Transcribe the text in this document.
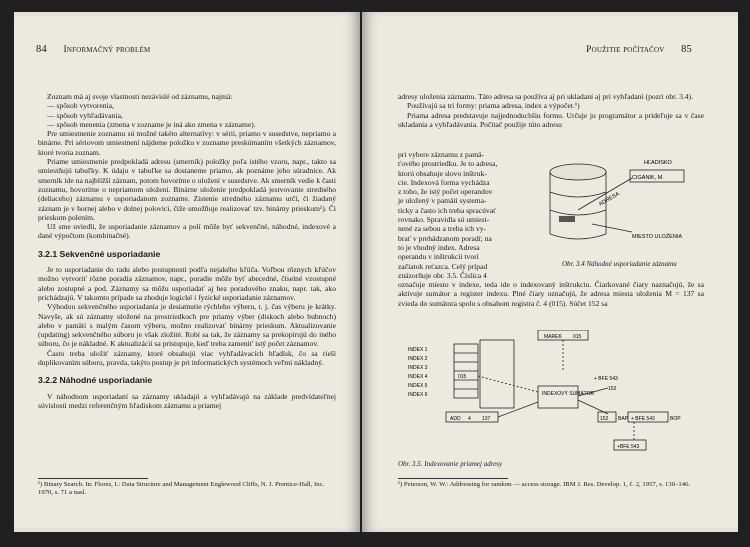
84 Informačný problém

Zoznam má aj svoje vlastnosti nezávislé od záznamu, najmä:

— spôsob vytvorenia,

— spôsob vyhľadávania,

— spôsob menenia (zmena v zozname je iná ako zmena v zázname).

Pre umiestnenie zoznamu sú možné takéto alternatívy: v sérii, priamo v susedstve, nepriamo a binárne. Pri sériovom umiestnení nájdeme položku v zozname preskúmaním všetkých záznamov, ktoré tvoria zoznam.

Priame umiestnenie predpokladá adresu (smerník) položky poľa istého vzoru, napr., takto sa umiestňujú tabuľky. K údaju v tabuľke sa dostaneme priamo, ak poznáme jeho súradnice. Ak smerník ide na najbližší záznam, potom hovoríme o uložení v susedstve. Ak smerník vedie k časti zoznamu, hovoríme o nepriamom uložení. Binárne uloženie predpokladá jestvovanie stredného (deliaceho) záznamu v usporiadanom zozname. Zistenie stredného záznamu určí, či žiadaný záznam je v hornej alebo v dolnej polovici, čiže umožňuje realizovať tzv. binárny prieskum¹). Či prieskum polením.

Už sme uviedli, že usporiadanie záznamov a polí môže byť sekvenčné, náhodné, indexové a dané výpočtom (kombinačné).

3.2.1 Sekvenčné usporiadanie

Je to usporiadanie do radu alebo postupnosti podľa nejakého kľúča. Voľbou rôznych kľúčov možno vytvoriť rôzne poradia záznamov, napr., poradie môže byť abecedné, číselné vzostupné alebo zostupné a pod. Záznamy sa môžu usporiadať aj bez poradového znaku, napr. tak, ako prichádzajú. V takomto prípade sa zhoduje logické i fyzické usporiadanie záznamov.

Výhodou sekvenčného usporiadania je desiatnutie rýchleho výberu, t. j. čas výberu je krátky. Navyše, ak sú záznamy uložené na prostriedkoch pre priamy výber (diskoch alebo bubnoch) alebo v pamäti s malým časom výberu, možno realizovať binárny prieskum. Aktualizovanie (updating) sekvenčného súboru je však zložité. Robí sa tak, že záznamy sa prekopírujú do iného súboru, čo je nákladné. K aktualizácii sa pristupuje, keď treba zamenit' istý počet záznamov.

Často treba uložiť záznamy, ktoré obsahujú viac vyhľadávacích hľadísk, čo sa rieši duplikovaním súboru, pravda, takýto postup je pri informatických systémoch veľmi nákladný.

3.2.2 Náhodné usporiadanie

V náhodnom usporiadaní sa záznamy ukladajú a vyhľadávajú na základe predvídateľnej súvislosti medzi referenčným hľadiskom záznamu a priamej

¹) Binary Search. In: Flores, I.: Data Structure and Management Englewood Cliffs, N. J. Prentice-Hall, Inc. 1970, s. 71 a nasl.
Použitie počítačov 85

adresy uloženia záznamu. Táto adresa sa používa aj pri ukladaní aj pri vyhľadaní (pozri obr. 3.4).

Používajú sa tri formy: priama adresa, index a výpočet.¹)

Priama adresa predstavuje najjednoduchšiu formu. Určuje ju programátor a prideľuje sa v čase ukladania a vyhľadávania. Počítač použije túto adresu

pri vybere záznamu z pamä-
ťového prostriedku. Je to adresa,
ktorú obsahuje slovo inštruk-
cie. Indexová forma vychádza
z toho, že istý počet operandov
je uložený v pamäti systema-
ticky a často ich treba spracúvať
rovnako. Spravidla sú umiest-
nené za sebou a treba ich vy-
brať v prehádzanom poradí; na
to je vhodný index. Adresa
operandu v inštrukcii tvorí
začiatok reťazca. Celý prípad
znázorňuje obr. 3.5. Číslica 4
HĽADISKO
CIGÁNIK, M.
ADRESA
MIESTO ULOŽENIA
Obr. 3.4 Náhodné usporiadanie záznamu

označuje miesto v indexe, teda ide o indexovaný inštrukciu. Čiarkované čiary naznačujú, že sa aktivuje sumátor a register indexu. Plné čiary označujú, že adresa miesta uloženia M = 137 sa zvieda do sumátora spolu s obsahom registra č. 4 (015). Súčet 152 sa

INDEX 1
INDEX 2
INDEX 3
INDEX 4
INDEX 5
INDEX 6
015
MAREK 015
INDEXOVÝ SUMÁTOR
ADD 4 137
+ BFE 543
152
152 BAP + BFE 543	BOP
+BFE 543
Obr. 3.5. Indexovanie priamej adresy
¹) Peterson, W. W.: Addressing for random — access storage. IBM J. Res. Develop. 1, č. 2, 1957, s. 130–146.
